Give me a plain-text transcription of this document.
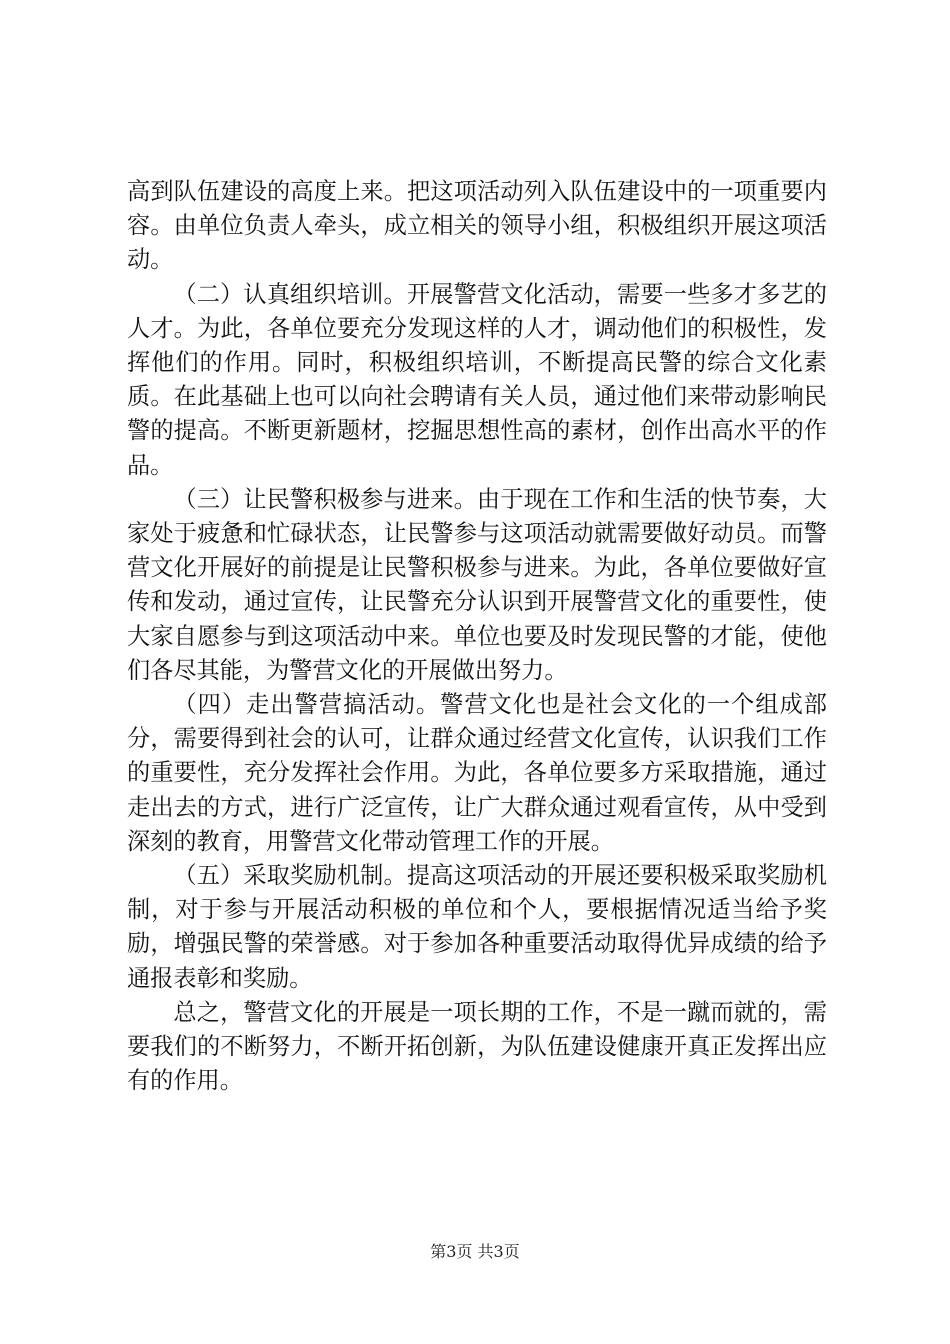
高到队伍建设的高度上来。把这项活动列入队伍建设中的一项重要内容。由单位负责人牵头，成立相关的领导小组，积极组织开展这项活动。

（二）认真组织培训。开展警营文化活动，需要一些多才多艺的人才。为此，各单位要充分发现这样的人才，调动他们的积极性，发挥他们的作用。同时，积极组织培训，不断提高民警的综合文化素质。在此基础上也可以向社会聘请有关人员，通过他们来带动影响民警的提高。不断更新题材，挖掘思想性高的素材，创作出高水平的作品。

（三）让民警积极参与进来。由于现在工作和生活的快节奏，大家处于疲惫和忙碌状态，让民警参与这项活动就需要做好动员。而警营文化开展好的前提是让民警积极参与进来。为此，各单位要做好宣传和发动，通过宣传，让民警充分认识到开展警营文化的重要性，使大家自愿参与到这项活动中来。单位也要及时发现民警的才能，使他们各尽其能，为警营文化的开展做出努力。

（四）走出警营搞活动。警营文化也是社会文化的一个组成部分，需要得到社会的认可，让群众通过经营文化宣传，认识我们工作的重要性，充分发挥社会作用。为此，各单位要多方采取措施，通过走出去的方式，进行广泛宣传，让广大群众通过观看宣传，从中受到深刻的教育，用警营文化带动管理工作的开展。

（五）采取奖励机制。提高这项活动的开展还要积极采取奖励机制，对于参与开展活动积极的单位和个人，要根据情况适当给予奖励，增强民警的荣誉感。对于参加各种重要活动取得优异成绩的给予通报表彰和奖励。

总之，警营文化的开展是一项长期的工作，不是一蹴而就的，需要我们的不断努力，不断开拓创新，为队伍建设健康开真正发挥出应有的作用。

第3页 共3页
